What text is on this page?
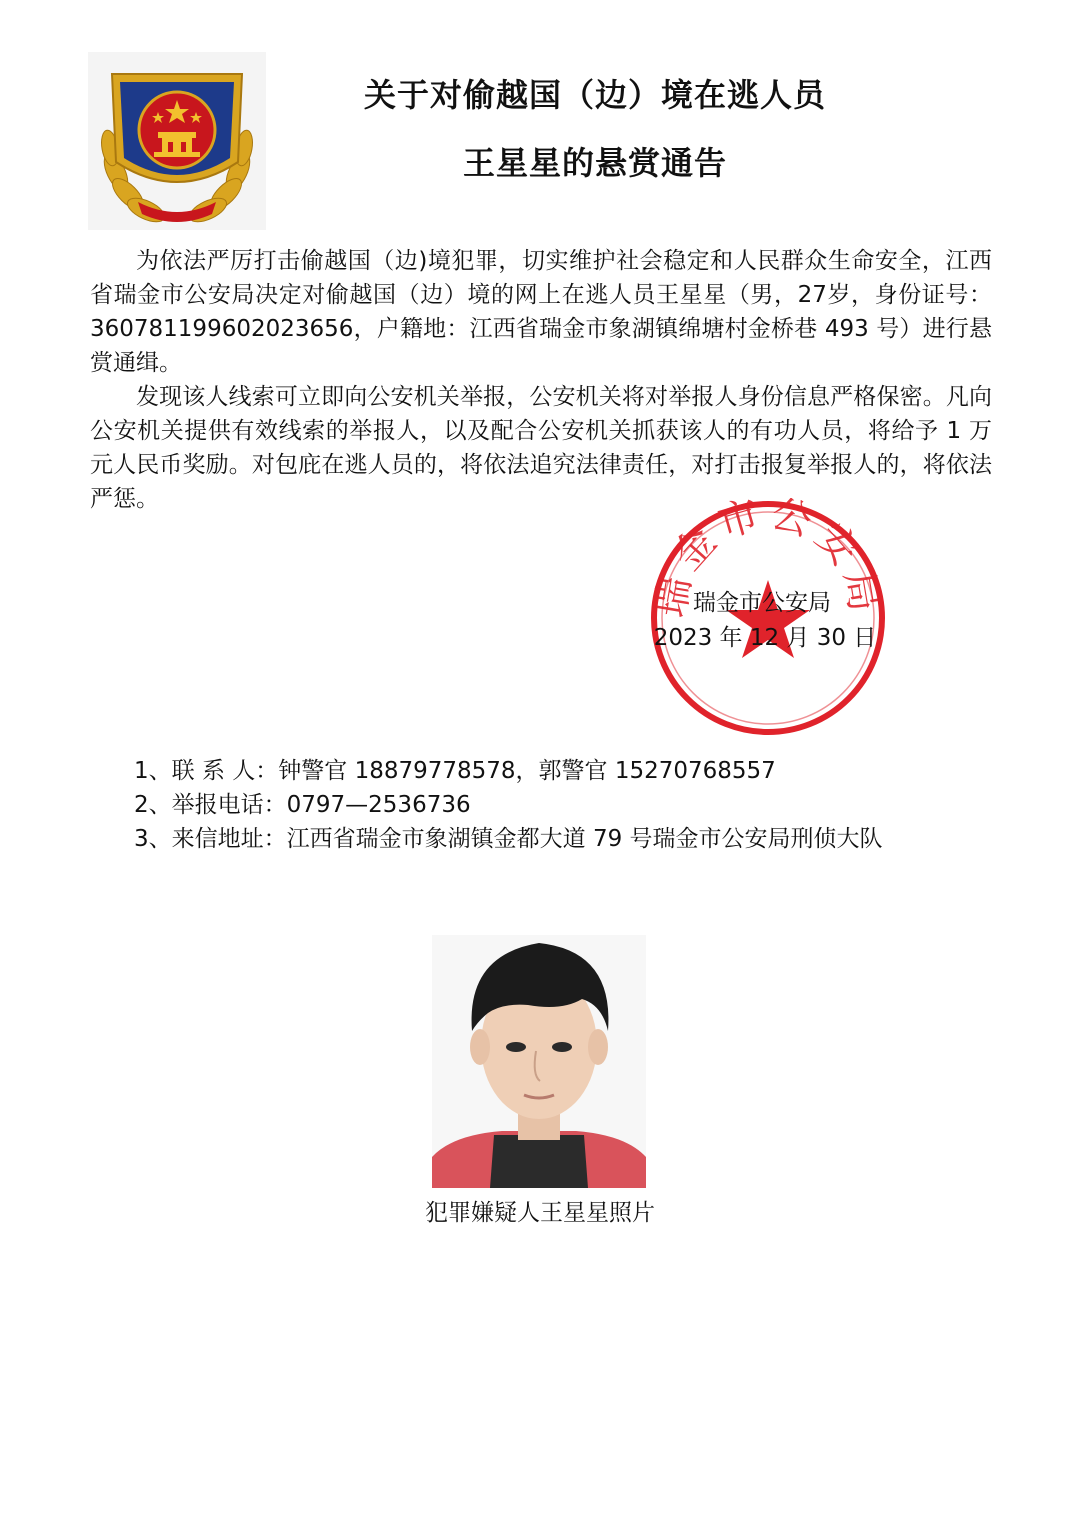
关于对偷越国（边）境在逃人员
王星星的悬赏通告

为依法严厉打击偷越国（边)境犯罪，切实维护社会稳定和人民群众生命安全，江西省瑞金市公安局决定对偷越国（边）境的网上在逃人员王星星（男，27岁，身份证号：360781199602023656，户籍地：江西省瑞金市象湖镇绵塘村金桥巷 493 号）进行悬赏通缉。

发现该人线索可立即向公安机关举报，公安机关将对举报人身份信息严格保密。凡向公安机关提供有效线索的举报人，以及配合公安机关抓获该人的有功人员，将给予 1 万元人民币奖励。对包庇在逃人员的，将依法追究法律责任，对打击报复举报人的，将依法严惩。

瑞金市公安局
瑞金市公安局
2023 年 12 月 30 日
1、联 系 人：钟警官 18879778578，郭警官 15270768557
2、举报电话：0797—2536736
3、来信地址：江西省瑞金市象湖镇金都大道 79 号瑞金市公安局刑侦大队
犯罪嫌疑人王星星照片
